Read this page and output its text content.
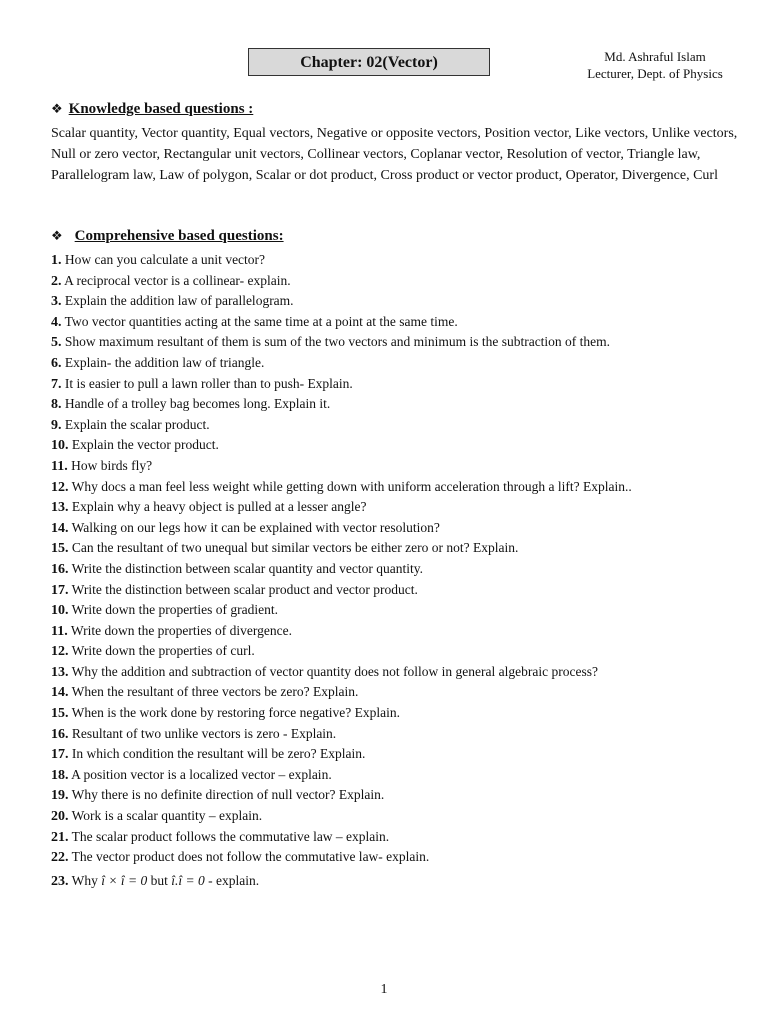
Chapter: 02(Vector)	Md. Ashraful Islam
Lecturer, Dept. of Physics
❖ Knowledge based questions :
Scalar quantity, Vector quantity, Equal vectors, Negative or opposite vectors, Position vector, Like vectors, Unlike vectors, Null or zero vector, Rectangular unit vectors, Collinear vectors, Coplanar vector, Resolution of vector, Triangle law, Parallelogram law, Law of polygon, Scalar or dot product, Cross product or vector product, Operator, Divergence, Curl
❖ Comprehensive based questions:
1. How can you calculate a unit vector?
2. A reciprocal vector is a collinear- explain.
3. Explain the addition law of parallelogram.
4. Two vector quantities acting at the same time at a point at the same time.
5. Show maximum resultant of them is sum of the two vectors and minimum is the subtraction of them.
6. Explain- the addition law of triangle.
7. It is easier to pull a lawn roller than to push- Explain.
8. Handle of a trolley bag becomes long. Explain it.
9. Explain the scalar product.
10. Explain the vector product.
11. How birds fly?
12. Why docs a man feel less weight while getting down with uniform acceleration through a lift? Explain..
13. Explain why a heavy object is pulled at a lesser angle?
14. Walking on our legs how it can be explained with vector resolution?
15. Can the resultant of two unequal but similar vectors be either zero or not? Explain.
16. Write the distinction between scalar quantity and vector quantity.
17. Write the distinction between scalar product and vector product.
10. Write down the properties of gradient.
11. Write down the properties of divergence.
12. Write down the properties of curl.
13. Why the addition and subtraction of vector quantity does not follow in general algebraic process?
14. When the resultant of three vectors be zero? Explain.
15. When is the work done by restoring force negative? Explain.
16. Resultant of two unlike vectors is zero - Explain.
17. In which condition the resultant will be zero? Explain.
18. A position vector is a localized vector – explain.
19. Why there is no definite direction of null vector? Explain.
20. Work is a scalar quantity – explain.
21. The scalar product follows the commutative law – explain.
22. The vector product does not follow the commutative law- explain.
23. Why î × î = 0 but î.î = 0 - explain.
1
